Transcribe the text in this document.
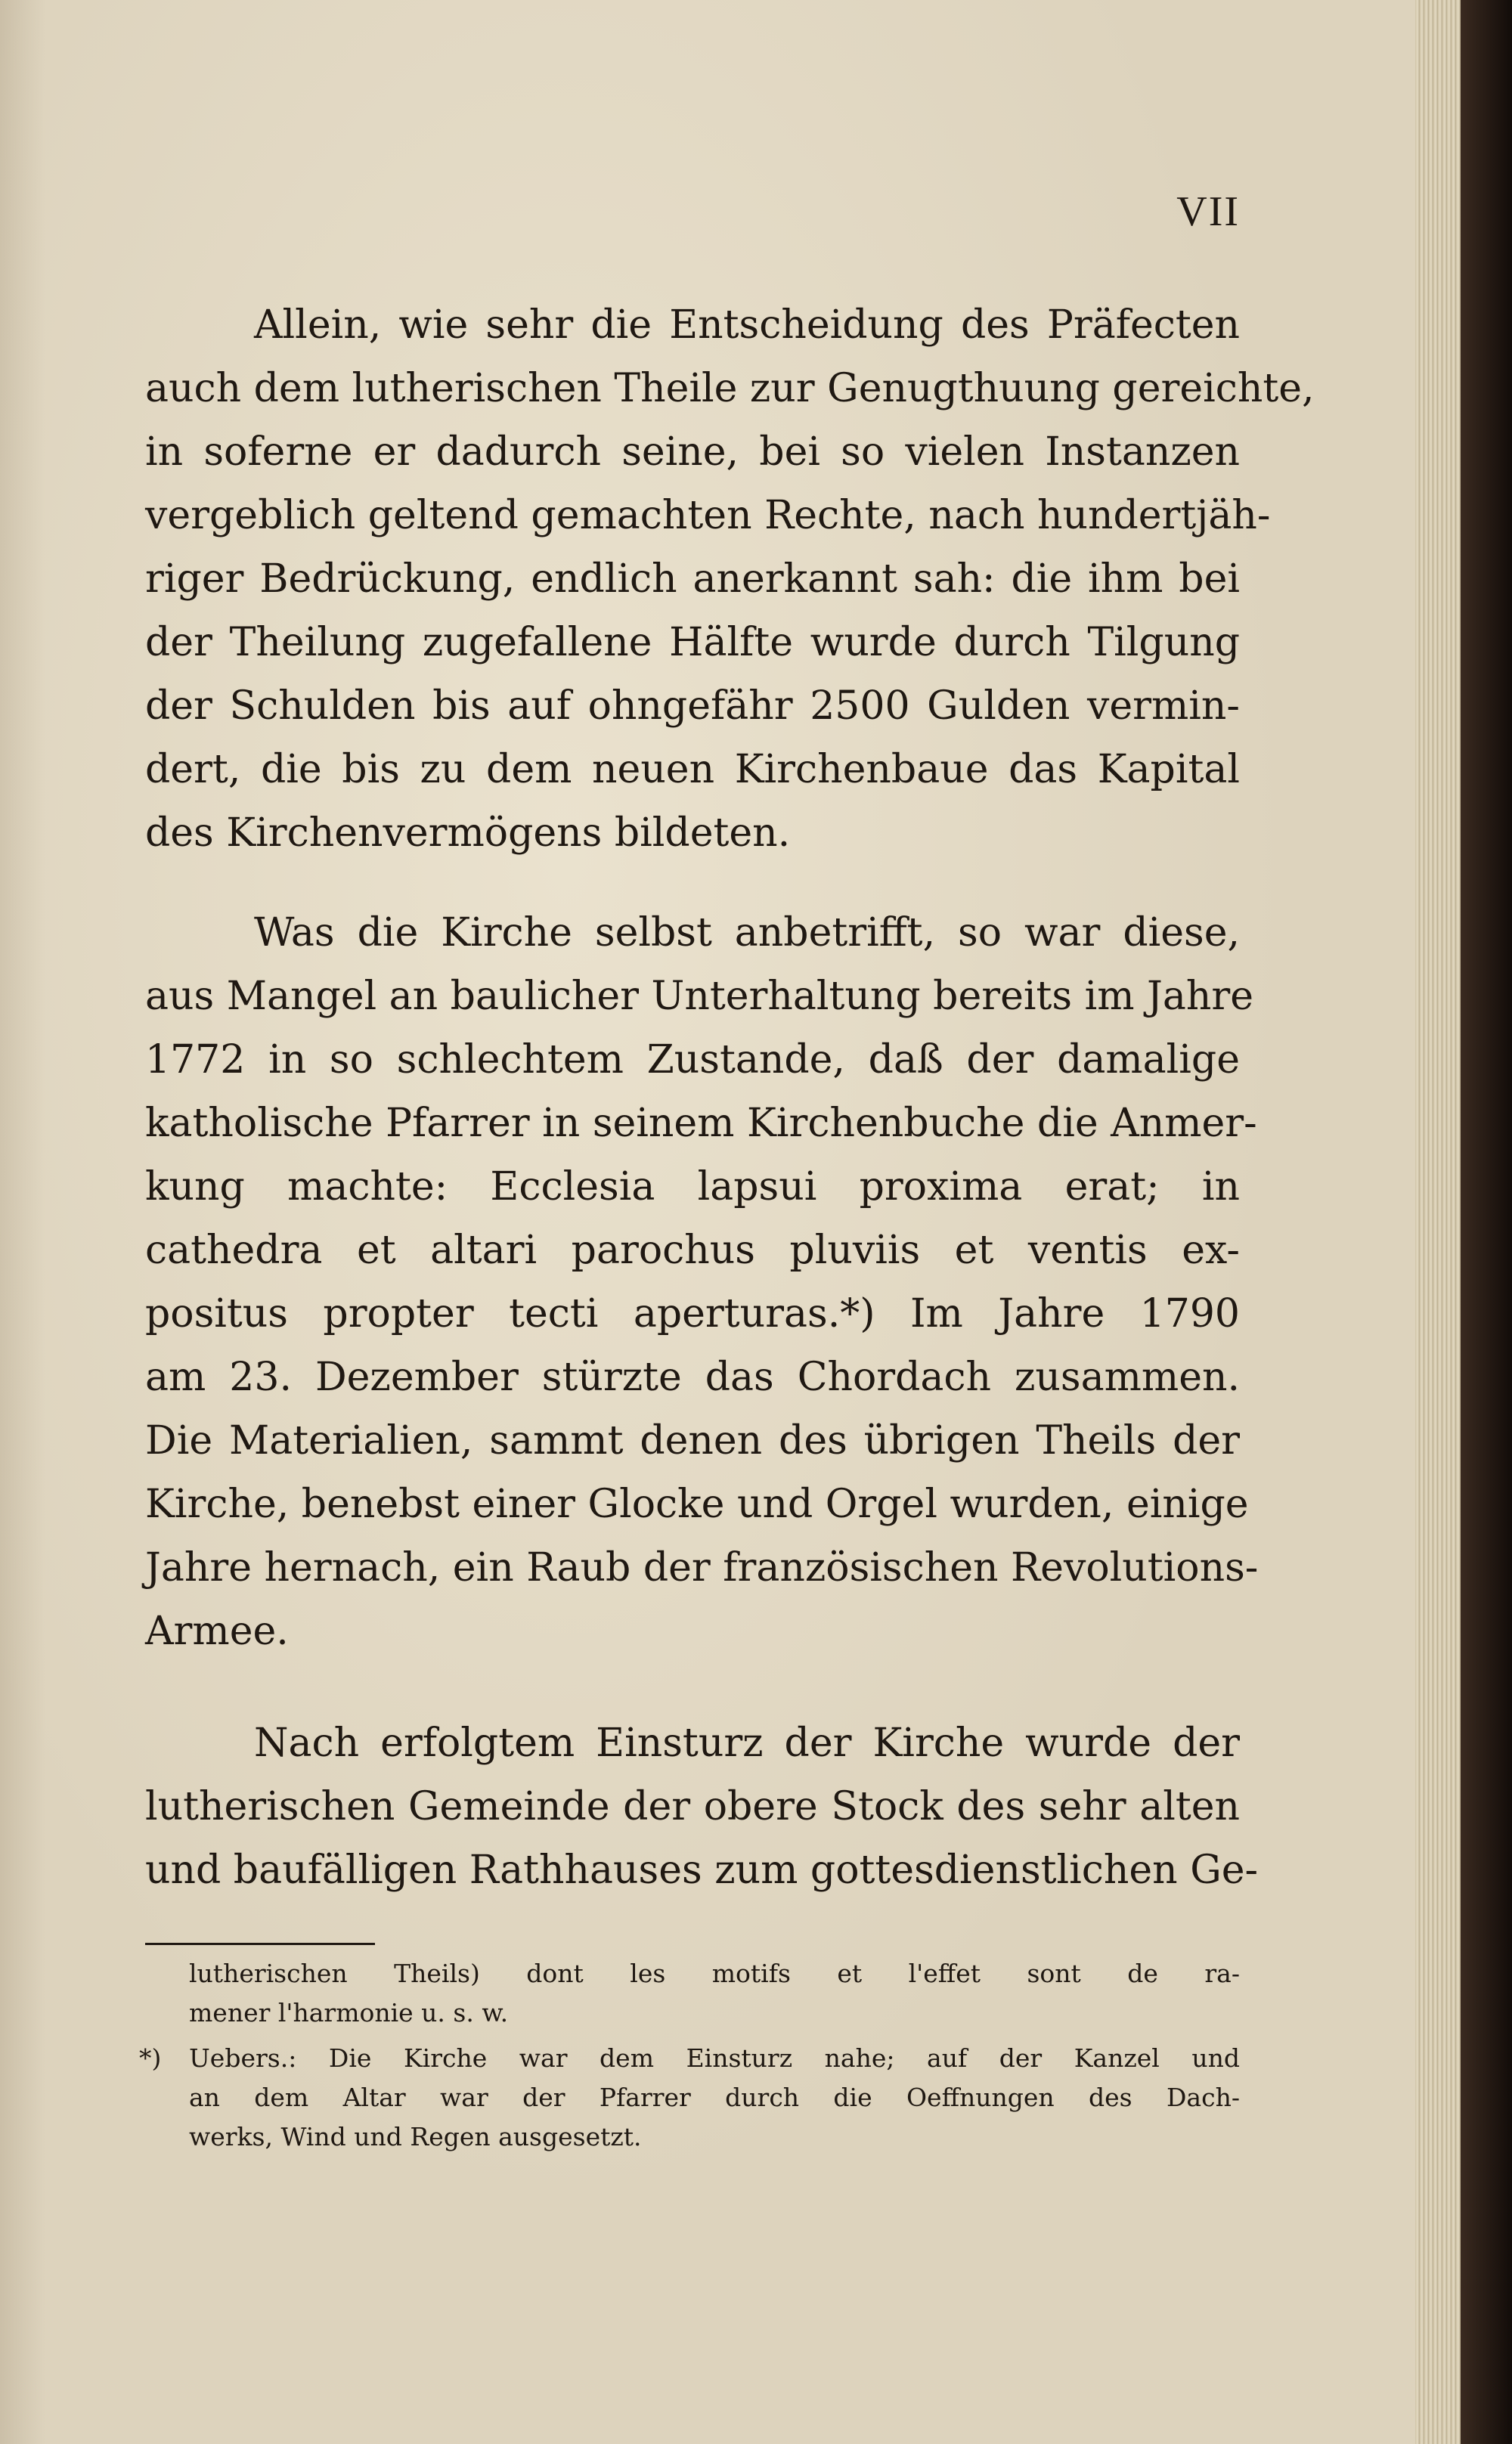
VII
Allein, wie sehr die Entscheidung des Präfecten
auch dem lutherischen Theile zur Genugthuung gereichte,
in soferne er dadurch seine, bei so vielen Instanzen
vergeblich geltend gemachten Rechte, nach hundertjäh-
riger Bedrückung, endlich anerkannt sah: die ihm bei
der Theilung zugefallene Hälfte wurde durch Tilgung
der Schulden bis auf ohngefähr 2500 Gulden vermin-
dert, die bis zu dem neuen Kirchenbaue das Kapital
des Kirchenvermögens bildeten.
Was die Kirche selbst anbetrifft, so war diese,
aus Mangel an baulicher Unterhaltung bereits im Jahre
1772 in so schlechtem Zustande, daß der damalige
katholische Pfarrer in seinem Kirchenbuche die Anmer-
kung machte: Ecclesia lapsui proxima erat; in
cathedra et altari parochus pluviis et ventis ex-
positus propter tecti aperturas.*) Im Jahre 1790
am 23. Dezember stürzte das Chordach zusammen.
Die Materialien, sammt denen des übrigen Theils der
Kirche, benebst einer Glocke und Orgel wurden, einige
Jahre hernach, ein Raub der französischen Revolutions-
Armee.
Nach erfolgtem Einsturz der Kirche wurde der
lutherischen Gemeinde der obere Stock des sehr alten
und baufälligen Rathhauses zum gottesdienstlichen Ge-
lutherischen Theils) dont les motifs et l'effet sont de ra-
mener l'harmonie u. s. w.
*) Uebers.: Die Kirche war dem Einsturz nahe; auf der Kanzel und
an dem Altar war der Pfarrer durch die Oeffnungen des Dach-
werks, Wind und Regen ausgesetzt.
